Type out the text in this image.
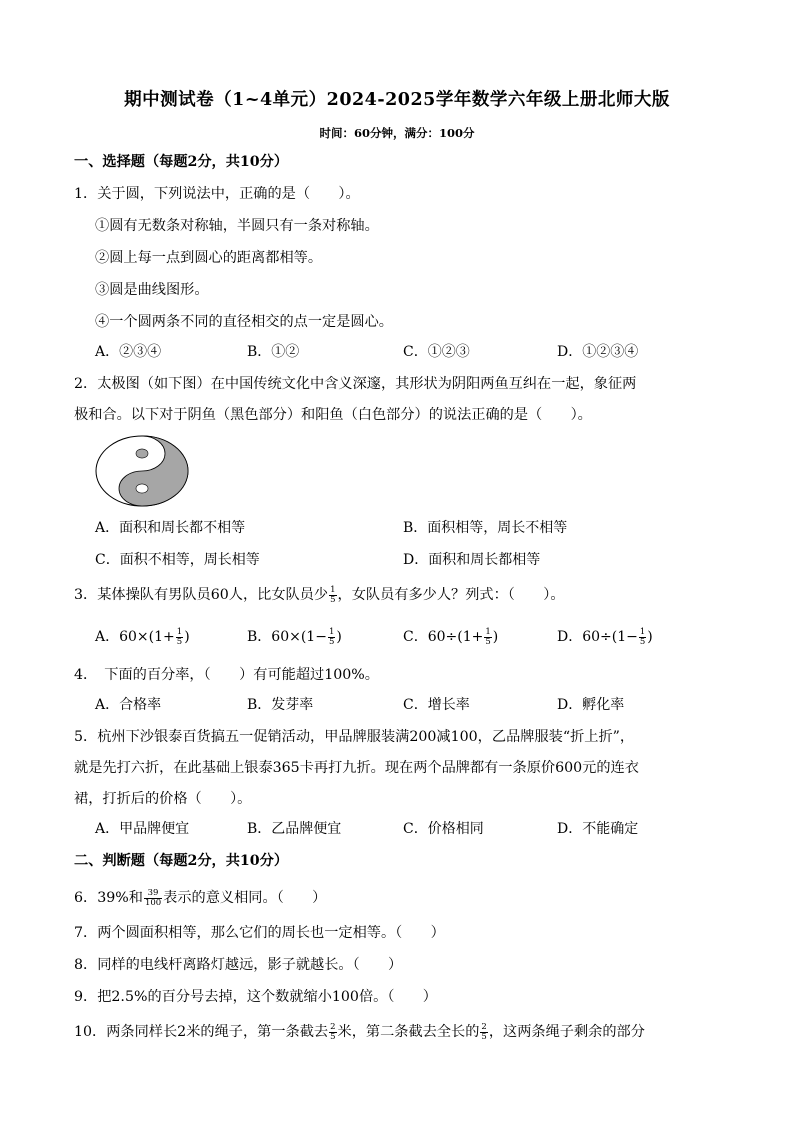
期中测试卷（1~4单元）2024-2025学年数学六年级上册北师大版
时间：60分钟，满分：100分
一、选择题（每题2分，共10分）
1．关于圆，下列说法中，正确的是（　　）。
①圆有无数条对称轴，半圆只有一条对称轴。
②圆上每一点到圆心的距离都相等。
③圆是曲线图形。
④一个圆两条不同的直径相交的点一定是圆心。
A．②③④	B．①②	C．①②③	D．①②③④
2．太极图（如下图）在中国传统文化中含义深邃，其形状为阴阳两鱼互纠在一起，象征两
极和合。以下对于阴鱼（黑色部分）和阳鱼（白色部分）的说法正确的是（　　）。
A．面积和周长都不相等	B．面积相等，周长不相等
C．面积不相等，周长相等	D．面积和周长都相等
3．某体操队有男队员60人，比女队员少 $\frac{1}{5}$ ，女队员有多少人？列式：（　　）。
A．$60\times(1+ \frac{1}{5}$ )	B．$60\times(1- \frac{1}{5}$ )	C．$60\div(1+ \frac{1}{5}$ )	D．$60\div(1- \frac{1}{5}$ )
4．　下面的百分率，（　　）有可能超过100%。
A．合格率	B．发芽率	C．增长率	D．孵化率
5．杭州下沙银泰百货搞五一促销活动，甲品牌服装满200减100，乙品牌服装“折上折”，
就是先打六折，在此基础上银泰365卡再打九折。现在两个品牌都有一条原价600元的连衣
裙，打折后的价格（　　）。
A．甲品牌便宜	B．乙品牌便宜	C．价格相同	D．不能确定
二、判断题（每题2分，共10分）
6．39%和 $\frac{39}{100}$ 表示的意义相同。（　　）
7．两个圆面积相等，那么它们的周长也一定相等。（　　）
8．同样的电线杆离路灯越远，影子就越长。（　　）
9．把2.5%的百分号去掉，这个数就缩小100倍。（　　）
10．两条同样长2米的绳子，第一条截去 $\frac{2}{5}$ 米，第二条截去全长的 $\frac{2}{5}$ ，这两条绳子剩余的部分
